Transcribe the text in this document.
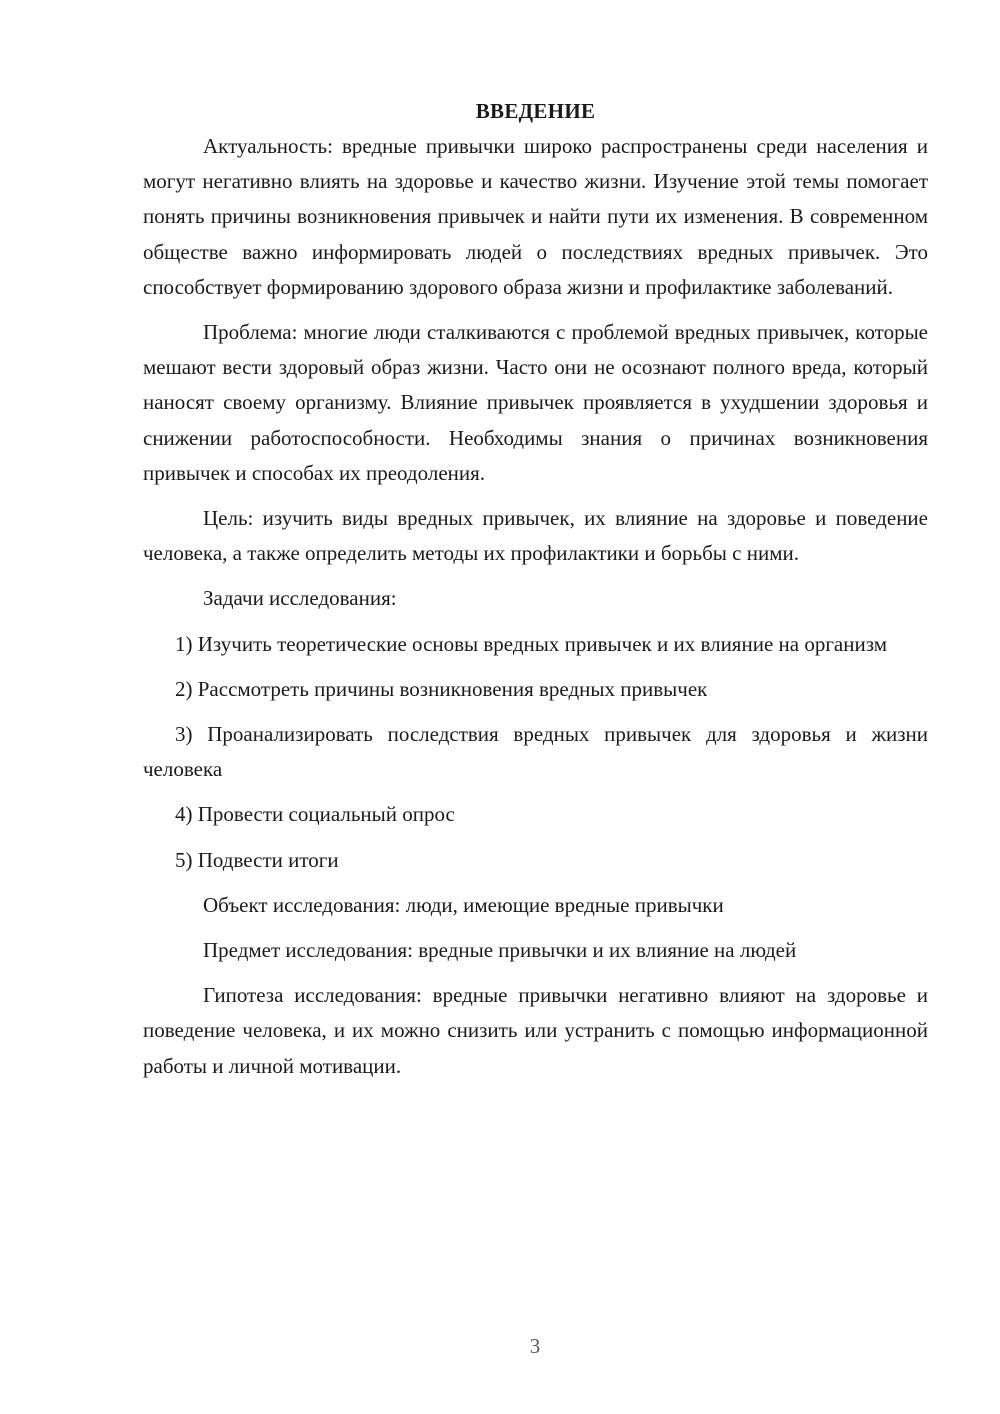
ВВЕДЕНИЕ

Актуальность: вредные привычки широко распространены среди населения и могут негативно влиять на здоровье и качество жизни. Изучение этой темы помогает понять причины возникновения привычек и найти пути их изменения. В современном обществе важно информировать людей о последствиях вредных привычек. Это способствует формированию здорового образа жизни и профилактике заболеваний.

Проблема: многие люди сталкиваются с проблемой вредных привычек, которые мешают вести здоровый образ жизни. Часто они не осознают полного вреда, который наносят своему организму. Влияние привычек проявляется в ухудшении здоровья и снижении работоспособности. Необходимы знания о причинах возникновения привычек и способах их преодоления.

Цель: изучить виды вредных привычек, их влияние на здоровье и поведение человека, а также определить методы их профилактики и борьбы с ними.

Задачи исследования:

1) Изучить теоретические основы вредных привычек и их влияние на организм

2) Рассмотреть причины возникновения вредных привычек

3) Проанализировать последствия вредных привычек для здоровья и жизни человека

4) Провести социальный опрос

5) Подвести итоги

Объект исследования: люди, имеющие вредные привычки

Предмет исследования: вредные привычки и их влияние на людей

Гипотеза исследования: вредные привычки негативно влияют на здоровье и поведение человека, и их можно снизить или устранить с помощью информационной работы и личной мотивации.

3
